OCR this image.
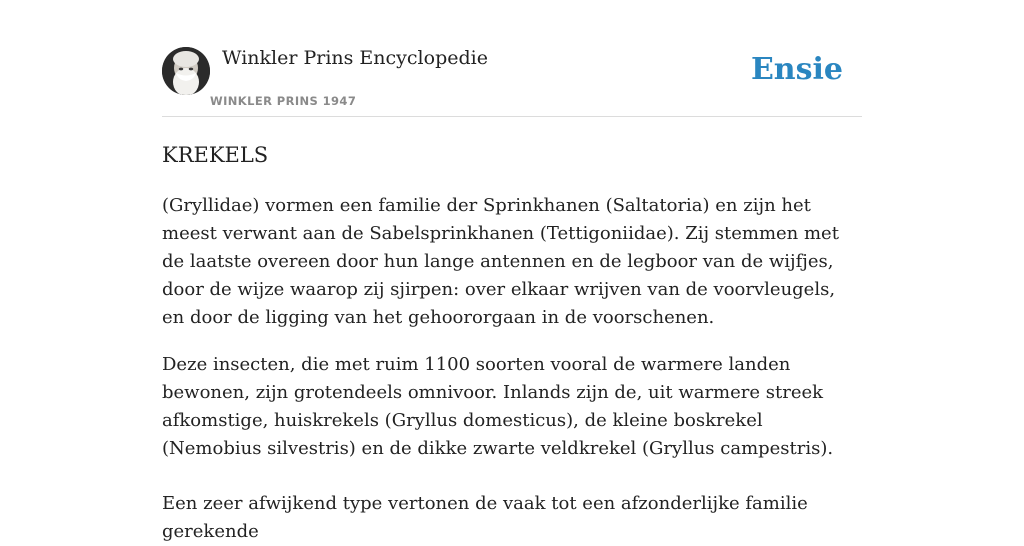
Winkler Prins Encyclopedie
WINKLER PRINS 1947
Ensie
KREKELS

(Gryllidae) vormen een familie der Sprinkhanen (Saltatoria) en zijn het meest verwant aan de Sabelsprinkhanen (Tettigoniidae). Zij stemmen met de laatste overeen door hun lange antennen en de legboor van de wijfjes, door de wijze waarop zij sjirpen: over elkaar wrijven van de voorvleugels, en door de ligging van het gehoororgaan in de voorschenen.

Deze insecten, die met ruim 1100 soorten vooral de warmere landen bewonen, zijn grotendeels omnivoor. Inlands zijn de, uit warmere streek afkomstige, huiskrekels (Gryllus domesticus), de kleine boskrekel (Nemobius silvestris) en de dikke zwarte veldkrekel (Gryllus campestris).

Een zeer afwijkend type vertonen de vaak tot een afzonderlijke familie gerekende
